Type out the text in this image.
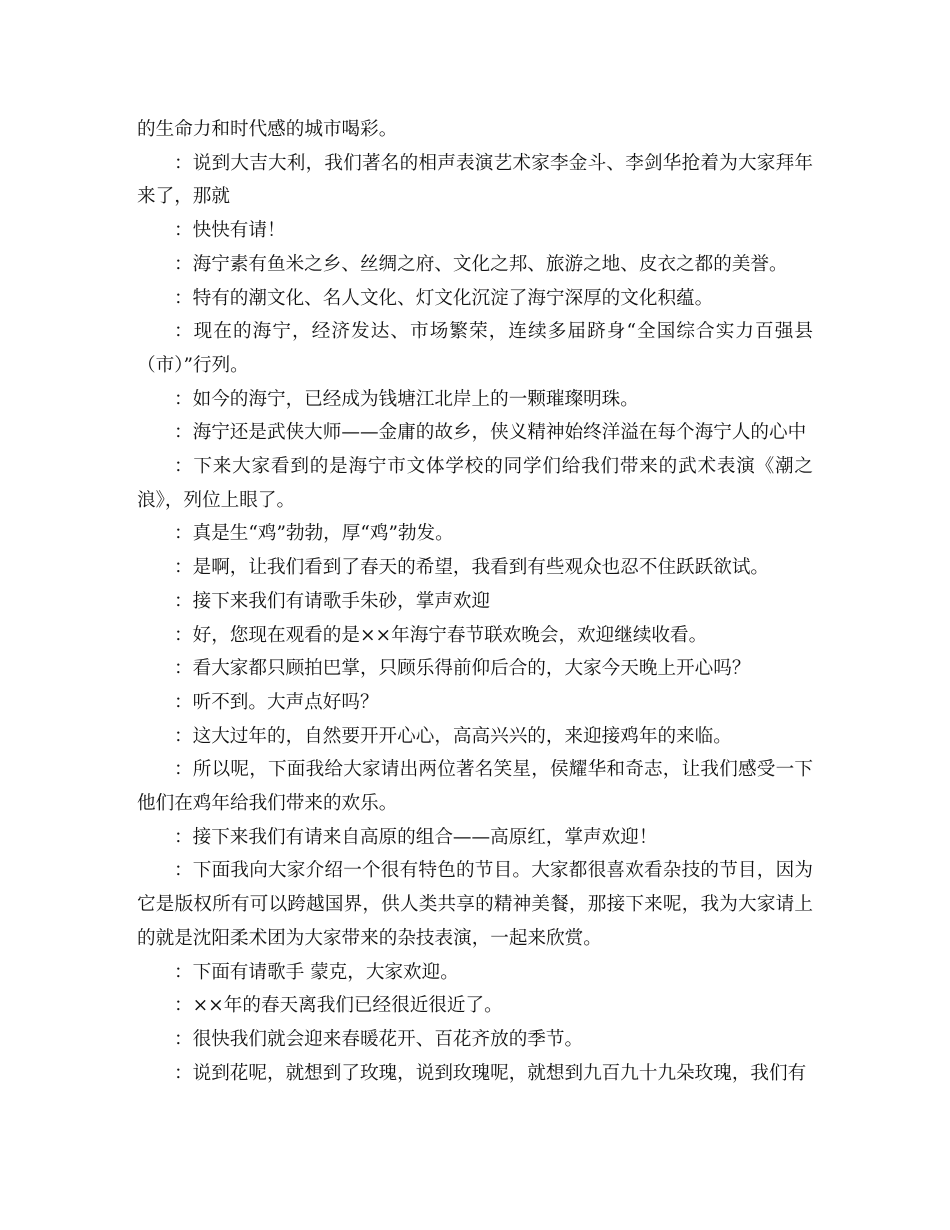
的生命力和时代感的城市喝彩。

：说到大吉大利，我们著名的相声表演艺术家李金斗、李剑华抢着为大家拜年来了，那就

：快快有请！

：海宁素有鱼米之乡、丝绸之府、文化之邦、旅游之地、皮衣之都的美誉。

：特有的潮文化、名人文化、灯文化沉淀了海宁深厚的文化积蕴。

：现在的海宁，经济发达、市场繁荣，连续多届跻身“全国综合实力百强县（市）”行列。

：如今的海宁，已经成为钱塘江北岸上的一颗璀璨明珠。

：海宁还是武侠大师——金庸的故乡，侠义精神始终洋溢在每个海宁人的心中

：下来大家看到的是海宁市文体学校的同学们给我们带来的武术表演《潮之浪》，列位上眼了。

：真是生“鸡”勃勃，厚“鸡”勃发。

：是啊，让我们看到了春天的希望，我看到有些观众也忍不住跃跃欲试。

：接下来我们有请歌手朱砂，掌声欢迎

：好，您现在观看的是××年海宁春节联欢晚会，欢迎继续收看。

：看大家都只顾拍巴掌，只顾乐得前仰后合的，大家今天晚上开心吗？

：听不到。大声点好吗？

：这大过年的，自然要开开心心，高高兴兴的，来迎接鸡年的来临。

：所以呢，下面我给大家请出两位著名笑星，侯耀华和奇志，让我们感受一下他们在鸡年给我们带来的欢乐。

：接下来我们有请来自高原的组合——高原红，掌声欢迎！

：下面我向大家介绍一个很有特色的节目。大家都很喜欢看杂技的节目，因为它是版权所有可以跨越国界，供人类共享的精神美餐，那接下来呢，我为大家请上的就是沈阳柔术团为大家带来的杂技表演，一起来欣赏。

：下面有请歌手 蒙克，大家欢迎。

：××年的春天离我们已经很近很近了。

：很快我们就会迎来春暖花开、百花齐放的季节。

：说到花呢，就想到了玫瑰，说到玫瑰呢，就想到九百九十九朵玫瑰，我们有
